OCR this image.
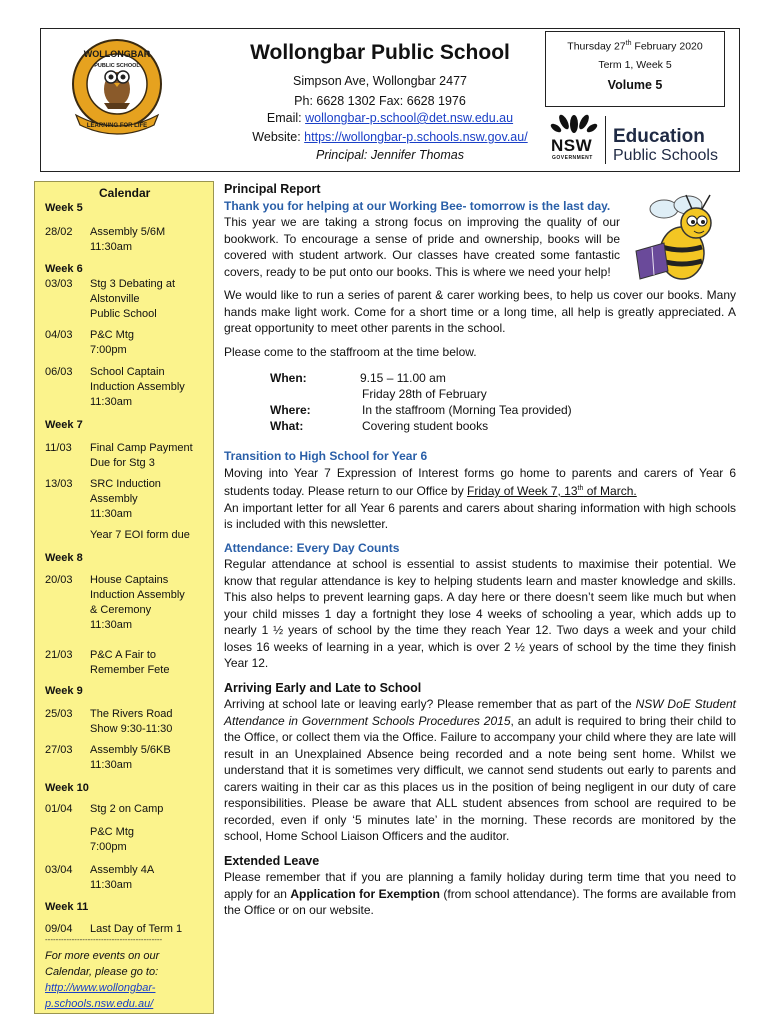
WOLLONGBAR
PUBLIC SCHOOL
LEARNING FOR LIFE
Wollongbar Public School
Simpson Ave, Wollongbar 2477
Ph: 6628 1302 Fax: 6628 1976
Email: wollongbar-p.school@det.nsw.edu.au
Website: https://wollongbar-p.schools.nsw.gov.au/
Principal: Jennifer Thomas
Thursday 27th February 2020
Term 1, Week 5
Volume 5
NSW
GOVERNMENT
Education
Public Schools
Calendar
Week 5
28/02 Assembly 5/6M
11:30am
Week 6
03/03 Stg 3 Debating at
Alstonville
Public School
04/03 P&C Mtg
7:00pm
06/03 School Captain
Induction Assembly
11:30am
Week 7
11/03 Final Camp Payment
Due for Stg 3
13/03 SRC Induction
Assembly
11:30am
Year 7 EOI form due
Week 8
20/03 House Captains
Induction Assembly
& Ceremony
11:30am
21/03 P&C A Fair to
Remember Fete
Week 9
25/03 The Rivers Road
Show 9:30-11:30
27/03 Assembly 5/6KB
11:30am
Week 10
01/04 Stg 2 on Camp
P&C Mtg
7:00pm
03/04 Assembly 4A
11:30am
Week 11
09/04 Last Day of Term 1
--------------------------------------------
For more events on our
Calendar, please go to:
http://www.wollongbar-
p.schools.nsw.edu.au/
Principal Report
Thank you for helping at our Working Bee- tomorrow is the last day.
This year we are taking a strong focus on improving the quality of our bookwork. To encourage a sense of pride and ownership, books will be covered with student artwork. Our classes have created some fantastic covers, ready to be put onto our books. This is where we need your help!
We would like to run a series of parent & carer working bees, to help us cover our books. Many hands make light work. Come for a short time or a long time, all help is greatly appreciated. A great opportunity to meet other parents in the school.
Please come to the staffroom at the time below.
When:	9.15 – 11.00 am
Friday 28th of February
Where:	In the staffroom (Morning Tea provided)
What:	Covering student books
Transition to High School for Year 6
Moving into Year 7 Expression of Interest forms go home to parents and carers of Year 6 students today. Please return to our Office by Friday of Week 7, 13th of March.
An important letter for all Year 6 parents and carers about sharing information with high schools is included with this newsletter.
Attendance: Every Day Counts
Regular attendance at school is essential to assist students to maximise their potential. We know that regular attendance is key to helping students learn and master knowledge and skills. This also helps to prevent learning gaps. A day here or there doesn’t seem like much but when your child misses 1 day a fortnight they lose 4 weeks of schooling a year, which adds up to nearly 1 ½ years of school by the time they reach Year 12. Two days a week and your child loses 16 weeks of learning in a year, which is over 2 ½ years of school by the time they finish Year 12.
Arriving Early and Late to School
Arriving at school late or leaving early? Please remember that as part of the NSW DoE Student Attendance in Government Schools Procedures 2015, an adult is required to bring their child to the Office, or collect them via the Office. Failure to accompany your child where they are late will result in an Unexplained Absence being recorded and a note being sent home. Whilst we understand that it is sometimes very difficult, we cannot send students out early to parents and carers waiting in their car as this places us in the position of being negligent in our duty of care responsibilities. Please be aware that ALL student absences from school are required to be recorded, even if only ‘5 minutes late’ in the morning. These records are monitored by the school, Home School Liaison Officers and the auditor.
Extended Leave
Please remember that if you are planning a family holiday during term time that you need to apply for an Application for Exemption (from school attendance). The forms are available from the Office or on our website.
